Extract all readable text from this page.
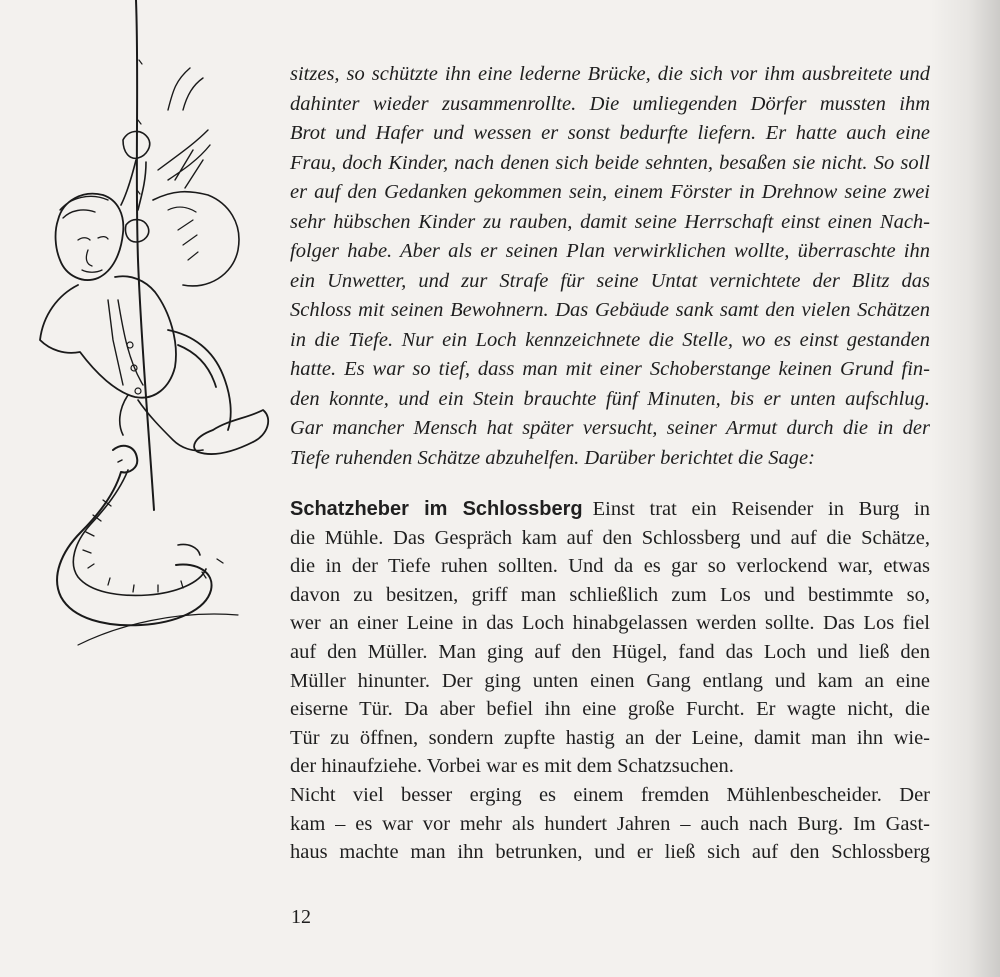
sitzes, so schützte ihn eine lederne Brücke, die sich vor ihm ausbreitete und
dahinter wieder zusammenrollte. Die umliegenden Dörfer mussten ihm
Brot und Hafer und wessen er sonst bedurfte liefern. Er hatte auch eine
Frau, doch Kinder, nach denen sich beide sehnten, besaßen sie nicht. So soll
er auf den Gedanken gekommen sein, einem Förster in Drehnow seine zwei
sehr hübschen Kinder zu rauben, damit seine Herrschaft einst einen Nach-
folger habe. Aber als er seinen Plan verwirklichen wollte, überraschte ihn
ein Unwetter, und zur Strafe für seine Untat vernichtete der Blitz das
Schloss mit seinen Bewohnern. Das Gebäude sank samt den vielen Schätzen
in die Tiefe. Nur ein Loch kennzeichnete die Stelle, wo es einst gestanden
hatte. Es war so tief, dass man mit einer Schoberstange keinen Grund fin-
den konnte, und ein Stein brauchte fünf Minuten, bis er unten aufschlug.
Gar mancher Mensch hat später versucht, seiner Armut durch die in der
Tiefe ruhenden Schätze abzuhelfen. Darüber berichtet die Sage:
Schatzheber im Schlossberg Einst trat ein Reisender in Burg in
die Mühle. Das Gespräch kam auf den Schlossberg und auf die Schätze,
die in der Tiefe ruhen sollten. Und da es gar so verlockend war, etwas
davon zu besitzen, griff man schließlich zum Los und bestimmte so,
wer an einer Leine in das Loch hinabgelassen werden sollte. Das Los fiel
auf den Müller. Man ging auf den Hügel, fand das Loch und ließ den
Müller hinunter. Der ging unten einen Gang entlang und kam an eine
eiserne Tür. Da aber befiel ihn eine große Furcht. Er wagte nicht, die
Tür zu öffnen, sondern zupfte hastig an der Leine, damit man ihn wie-
der hinaufziehe. Vorbei war es mit dem Schatzsuchen.
Nicht viel besser erging es einem fremden Mühlenbescheider. Der
kam – es war vor mehr als hundert Jahren – auch nach Burg. Im Gast-
haus machte man ihn betrunken, und er ließ sich auf den Schlossberg
12
